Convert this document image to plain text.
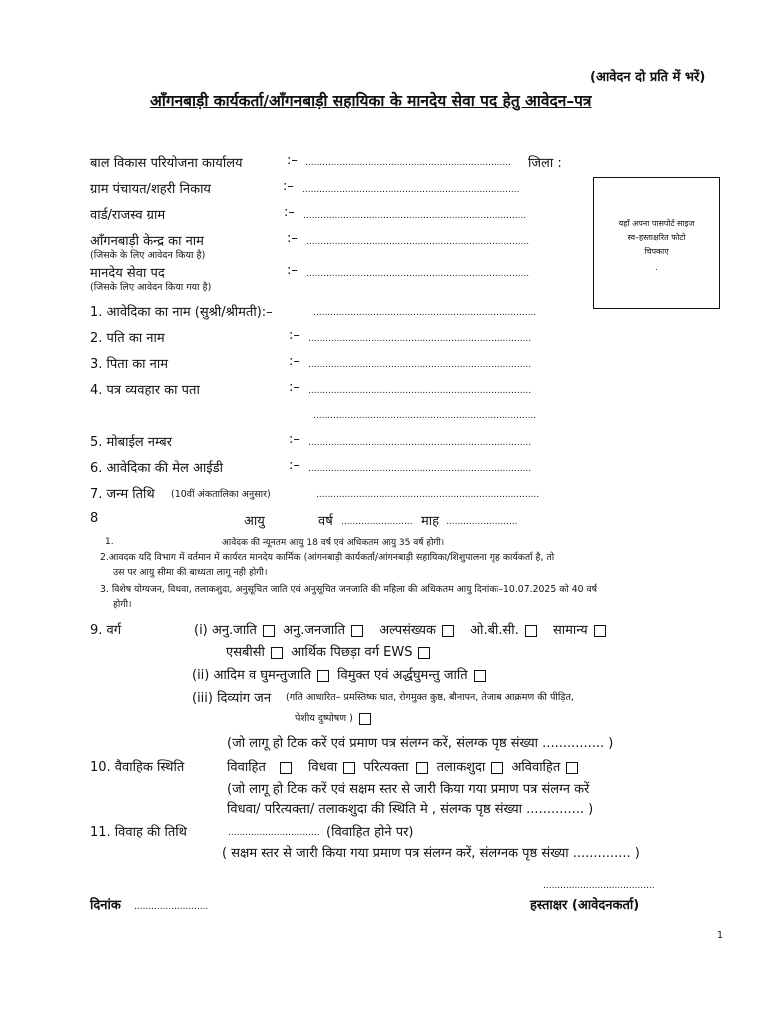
(आवेदन दो प्रति में भरें)
आँगनबाड़ी कार्यकर्ता/आँगनबाड़ी सहायिका के मानदेय सेवा पद हेतु आवेदन–पत्र
यहाँ अपना पासपोर्ट साइज
स्व–हस्ताक्षरित फोटो
चिपकाए
.
बाल विकास परियोजना कार्यालय	:– ........................................................................ जिला :
ग्राम पंचायत/शहरी निकाय	:– ............................................................................
वार्ड/राजस्व ग्राम	:– ..............................................................................
आँगनबाड़ी केन्द्र का नाम
(जिसके के लिए आवेदन किया है)
:– ..............................................................................
मानदेय सेवा पद
(जिसके लिए आवेदन किया गया है)
:– ..............................................................................
1. आवेदिका का नाम (सुश्री/श्रीमती):–	..............................................................................
2. पति का नाम	:– ..............................................................................
3. पिता का नाम	:– ..............................................................................
4. पत्र व्यवहार का पता	:– ..............................................................................
..............................................................................
5. मोबाईल नम्बर	:– ..............................................................................
6. आवेदिका की मेल आईडी	:– ..............................................................................
7. जन्म तिथि (10वीं अंकतालिका अनुसार)	..............................................................................
8	आयु	वर्ष ......................... माह .........................
1.	आवेदक की न्यूनतम आयु 18 वर्ष एवं अधिकतम आयु 35 वर्ष होगी।
2.आवदक यदि विभाग में वर्तमान में कार्यरत मानदेय कार्मिक (आंगनबाड़ी कार्यकर्ता/आंगनबाड़ी सहायिका/शिशुपालना गृह कार्यकर्ता है, तो
उस पर आयु सीमा की बाध्यता लागू नही होगी।
3. विशेष योग्यजन, विधवा, तलाकशुदा, अनुसूचित जाति एवं अनुसूचित जनजाति की महिला की अधिकतम आयु दिनांकः–10.07.2025 को 40 वर्ष
होगी।
9. वर्ग	(i) अनु.जाति अनु.जनजाति	अल्पसंख्यक	ओ.बी.सी.	सामान्य
एसबीसी आर्थिक पिछड़ा वर्ग EWS
(ii) आदिम व घुमन्तुजाति विमुक्त एवं अर्द्धघुमन्तु जाति
(iii) दिव्यांग जन (गति आधारित– प्रमस्तिष्क घात, रोगमुक्त कुष्ठ, बौनापन, तेजाब आक्रमण की पीड़ित,
पेशीय दुष्पोषण )
(जो लागू हो टिक करें एवं प्रमाण पत्र संलग्न करें, संलग्क पृष्ठ संख्या ............... )
10. वैवाहिक स्थिति	विवाहित	विधवा परित्यक्ता तलाकशुदा अविवाहित
(जो लागू हो टिक करें एवं सक्षम स्तर से जारी किया गया प्रमाण पत्र संलग्न करें
विधवा/ परित्यक्ता/ तलाकशुदा की स्थिति मे , संलग्क पृष्ठ संख्या .............. )
11. विवाह की तिथि	................................ (विवाहित होने पर)
( सक्षम स्तर से जारी किया गया प्रमाण पत्र संलग्न करें, संलग्नक पृष्ठ संख्या .............. )
दिनांक ..........................
.......................................
हस्ताक्षर (आवेदनकर्ता)
1
